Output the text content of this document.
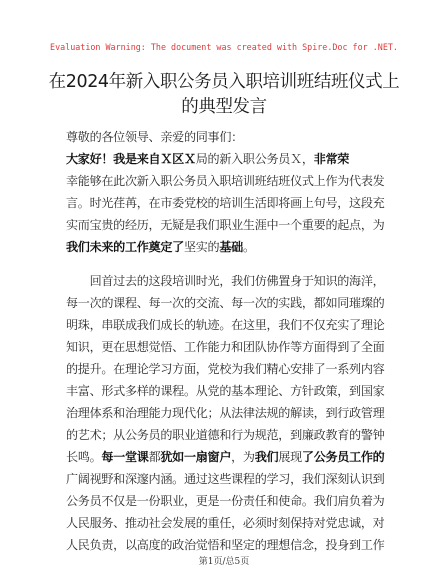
Evaluation Warning: The document was created with Spire.Doc for .NET.
在2024年新入职公务员入职培训班结班仪式上
的典型发言
尊敬的各位领导、亲爱的同事们：
大家好！我是来自Ｘ区Ｘ局的新入职公务员Ｘ，非常荣
幸能够在此次新入职公务员入职培训班结班仪式上作为代表发
言。时光荏苒，在市委党校的培训生活即将画上句号，这段充
实而宝贵的经历，无疑是我们职业生涯中一个重要的起点，为
我们未来的工作奠定了坚实的基础。
　　回首过去的这段培训时光，我们仿佛置身于知识的海洋，
每一次的课程、每一次的交流、每一次的实践，都如同璀璨的
明珠，串联成我们成长的轨迹。在这里，我们不仅充实了理论
知识，更在思想觉悟、工作能力和团队协作等方面得到了全面
的提升。在理论学习方面，党校为我们精心安排了一系列内容
丰富、形式多样的课程。从党的基本理论、方针政策，到国家
治理体系和治理能力现代化；从法律法规的解读，到行政管理
的艺术；从公务员的职业道德和行为规范，到廉政教育的警钟
长鸣。每一堂课都犹如一扇窗户，为我们展现了公务员工作的
广阔视野和深邃内涵。通过这些课程的学习，我们深刻认识到
公务员不仅是一份职业，更是一份责任和使命。我们肩负着为
人民服务、推动社会发展的重任，必须时刻保持对党忠诚，对
人民负责，以高度的政治觉悟和坚定的理想信念，投身到工作
第1页/总5页
